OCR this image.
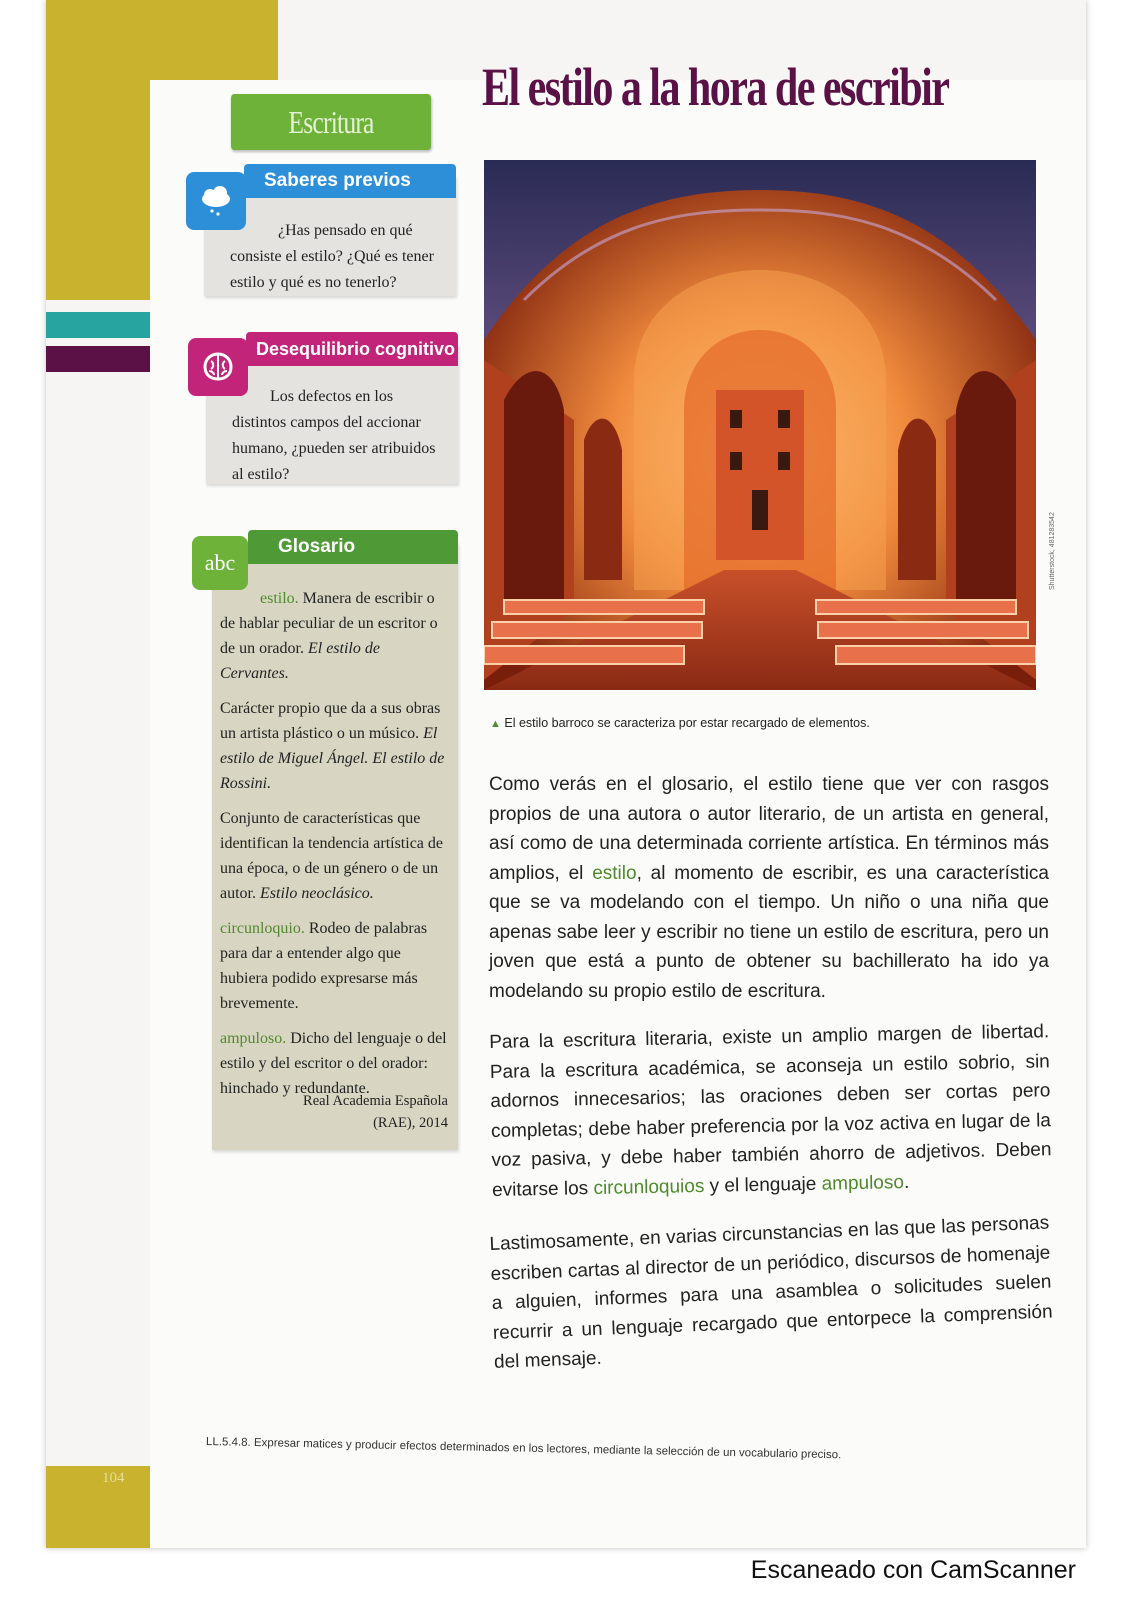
104
Escritura
Saberes previos
¿Has pensado en qué consiste el estilo? ¿Qué es tener estilo y qué es no tenerlo?
Desequilibrio cognitivo
Los defectos en los distintos campos del accionar humano, ¿pueden ser atribuidos al estilo?
Glosario
abc
estilo. Manera de escribir o de hablar peculiar de un escritor o de un orador. El estilo de Cervantes.
Carácter propio que da a sus obras un artista plástico o un músico. El estilo de Miguel Ángel. El estilo de Rossini.
Conjunto de características que identifican la tendencia artística de una época, o de un género o de un autor. Estilo neoclásico.
circunloquio. Rodeo de palabras para dar a entender algo que hubiera podido expresarse más brevemente.
ampuloso. Dicho del lenguaje o del estilo y del escritor o del orador: hinchado y redundante.
Real Academia Española
(RAE), 2014
El estilo a la hora de escribir
Shutterstock, 481283542
▲ El estilo barroco se caracteriza por estar recargado de elementos.
Como verás en el glosario, el estilo tiene que ver con rasgos propios de una autora o autor literario, de un artista en general, así como de una determinada corriente artística. En términos más amplios, el estilo, al momento de escribir, es una característica que se va modelando con el tiempo. Un niño o una niña que apenas sabe leer y escribir no tiene un estilo de escritura, pero un joven que está a punto de obtener su bachillerato ha ido ya modelando su propio estilo de escritura.
Para la escritura literaria, existe un amplio margen de libertad. Para la escritura académica, se aconseja un estilo sobrio, sin adornos innecesarios; las oraciones deben ser cortas pero completas; debe haber preferencia por la voz activa en lugar de la voz pasiva, y debe haber también ahorro de adjetivos. Deben evitarse los circunloquios y el lenguaje ampuloso.
Lastimosamente, en varias circunstancias en las que las personas escriben cartas al director de un periódico, discursos de homenaje a alguien, informes para una asamblea o solicitudes suelen recurrir a un lenguaje recargado que entorpece la comprensión del mensaje.
LL.5.4.8. Expresar matices y producir efectos determinados en los lectores, mediante la selección de un vocabulario preciso.
Escaneado con CamScanner
